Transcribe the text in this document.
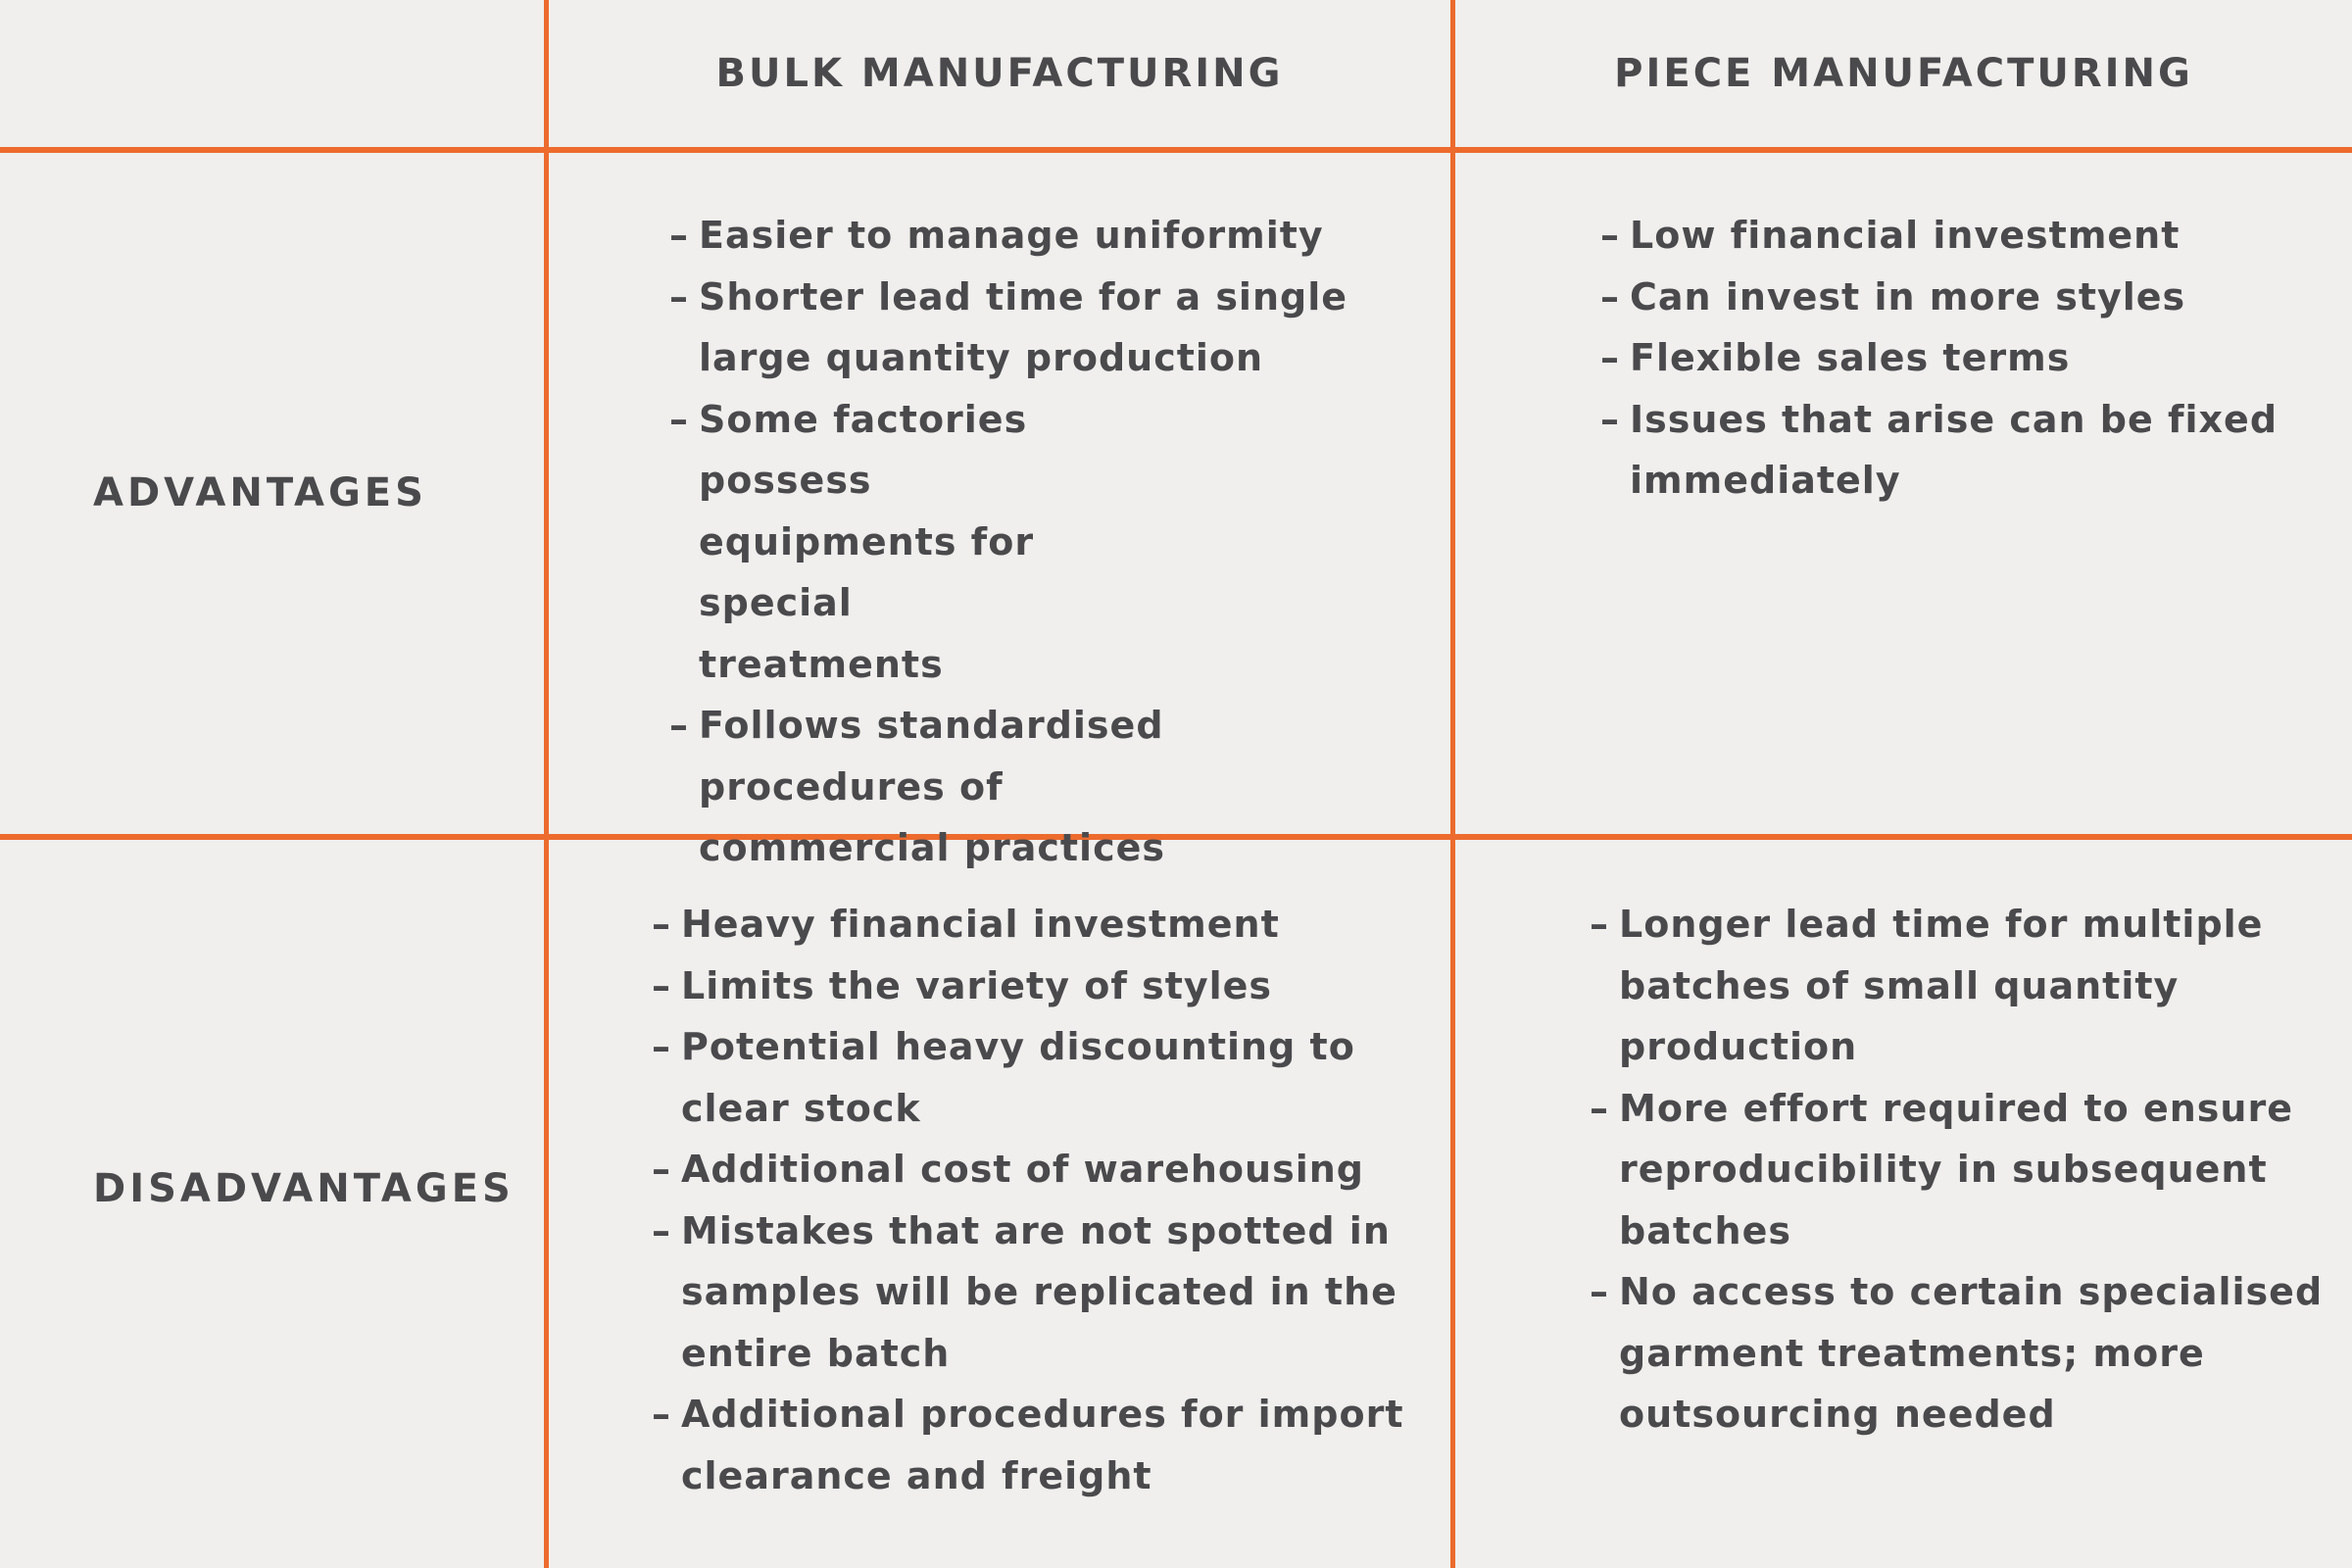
BULK MANUFACTURING	PIECE MANUFACTURING
ADVANTAGES
DISADVANTAGES
– Easier to manage uniformity
– Shorter lead time for a single large quantity production
– Some factories possess equipments for special treatments
– Follows standardised procedures of commercial practices
– Low financial investment
– Can invest in more styles
– Flexible sales terms
– Issues that arise can be fixed immediately
– Heavy financial investment
– Limits the variety of styles
– Potential heavy discounting to clear stock
– Additional cost of warehousing
– Mistakes that are not spotted in samples will be replicated in the entire batch
– Additional procedures for import clearance and freight
– Longer lead time for multiple batches of small quantity production
– More effort required to ensure reproducibility in subsequent batches
– No access to certain specialised garment treatments; more outsourcing needed
